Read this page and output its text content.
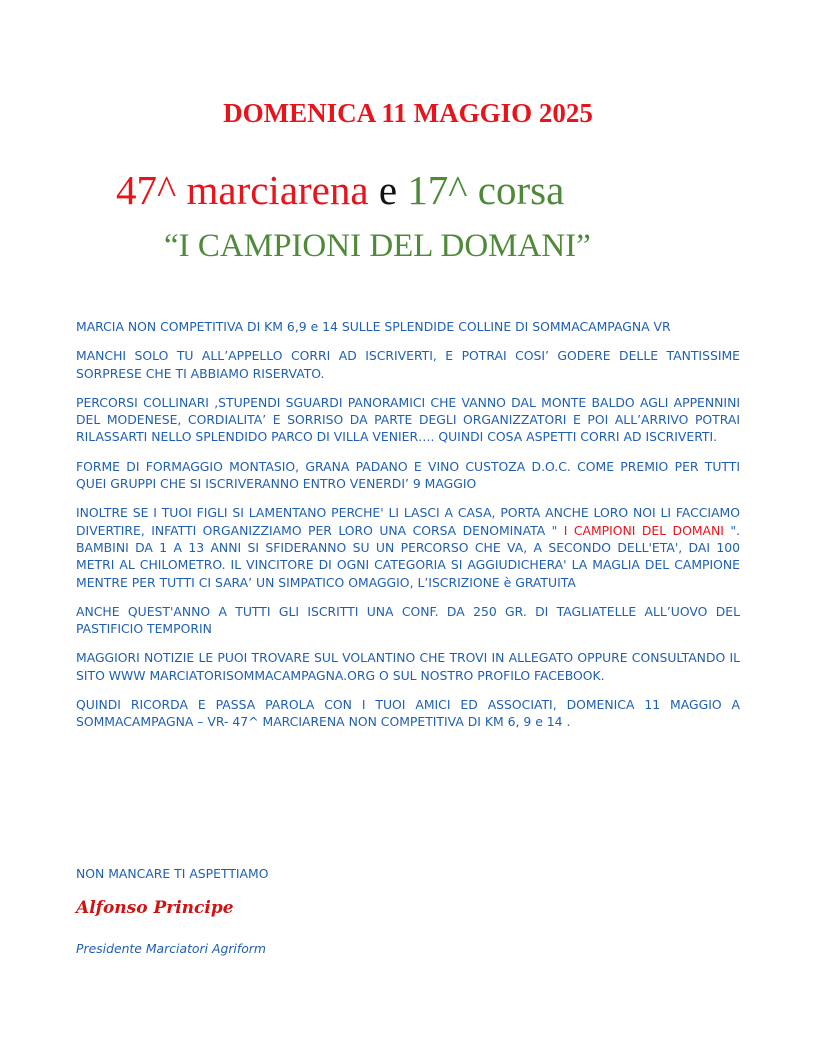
DOMENICA 11 MAGGIO 2025
47^ marciarena e 17^ corsa
“I CAMPIONI DEL DOMANI”

MARCIA NON COMPETITIVA DI KM 6,9 e 14 SULLE SPLENDIDE COLLINE DI SOMMACAMPAGNA VR

MANCHI SOLO TU ALL’APPELLO CORRI AD ISCRIVERTI, E POTRAI COSI’ GODERE DELLE TANTISSIME SORPRESE CHE TI ABBIAMO RISERVATO.

PERCORSI COLLINARI ,STUPENDI SGUARDI PANORAMICI CHE VANNO DAL MONTE BALDO AGLI APPENNINI DEL MODENESE, CORDIALITA’ E SORRISO DA PARTE DEGLI ORGANIZZATORI E POI ALL’ARRIVO POTRAI RILASSARTI NELLO SPLENDIDO PARCO DI VILLA VENIER…. QUINDI COSA ASPETTI CORRI AD ISCRIVERTI.

FORME DI FORMAGGIO MONTASIO, GRANA PADANO E VINO CUSTOZA D.O.C. COME PREMIO PER TUTTI QUEI GRUPPI CHE SI ISCRIVERANNO ENTRO VENERDI’ 9 MAGGIO

INOLTRE SE I TUOI FIGLI SI LAMENTANO PERCHE' LI LASCI A CASA, PORTA ANCHE LORO NOI LI FACCIAMO DIVERTIRE, INFATTI ORGANIZZIAMO PER LORO UNA CORSA DENOMINATA " I CAMPIONI DEL DOMANI ". BAMBINI DA 1 A 13 ANNI SI SFIDERANNO SU UN PERCORSO CHE VA, A SECONDO DELL'ETA', DAI 100 METRI AL CHILOMETRO. IL VINCITORE DI OGNI CATEGORIA SI AGGIUDICHERA' LA MAGLIA DEL CAMPIONE MENTRE PER TUTTI CI SARA’ UN SIMPATICO OMAGGIO, L’ISCRIZIONE è GRATUITA

ANCHE QUEST'ANNO A TUTTI GLI ISCRITTI UNA CONF. DA 250 GR. DI TAGLIATELLE ALL’UOVO DEL PASTIFICIO TEMPORIN

MAGGIORI NOTIZIE LE PUOI TROVARE SUL VOLANTINO CHE TROVI IN ALLEGATO OPPURE CONSULTANDO IL SITO WWW MARCIATORISOMMACAMPAGNA.ORG O SUL NOSTRO PROFILO FACEBOOK.

QUINDI RICORDA E PASSA PAROLA CON I TUOI AMICI ED ASSOCIATI, DOMENICA 11 MAGGIO A SOMMACAMPAGNA – VR- 47^ MARCIARENA NON COMPETITIVA DI KM 6, 9 e 14 .

NON MANCARE TI ASPETTIAMO
Alfonso Principe
Presidente Marciatori Agriform
